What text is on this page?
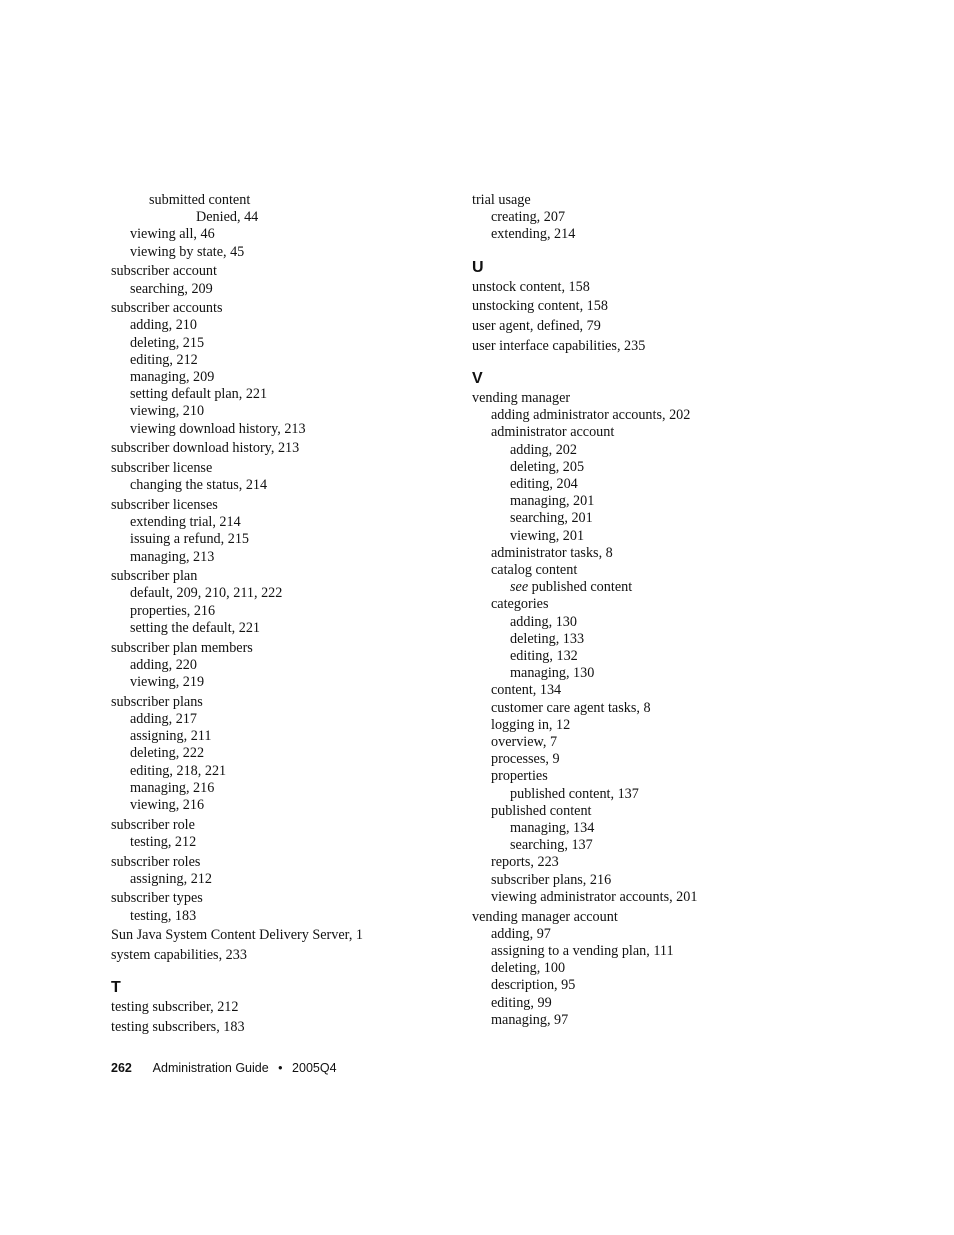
submitted content
Denied, 44
viewing all, 46
viewing by state, 45
subscriber account
searching, 209
subscriber accounts
adding, 210
deleting, 215
editing, 212
managing, 209
setting default plan, 221
viewing, 210
viewing download history, 213
subscriber download history, 213
subscriber license
changing the status, 214
subscriber licenses
extending trial, 214
issuing a refund, 215
managing, 213
subscriber plan
default, 209, 210, 211, 222
properties, 216
setting the default, 221
subscriber plan members
adding, 220
viewing, 219
subscriber plans
adding, 217
assigning, 211
deleting, 222
editing, 218, 221
managing, 216
viewing, 216
subscriber role
testing, 212
subscriber roles
assigning, 212
subscriber types
testing, 183
Sun Java System Content Delivery Server, 1
system capabilities, 233
T
testing subscriber, 212
testing subscribers, 183
trial usage
creating, 207
extending, 214
U
unstock content, 158
unstocking content, 158
user agent, defined, 79
user interface capabilities, 235
V
vending manager
adding administrator accounts, 202
administrator account
adding, 202
deleting, 205
editing, 204
managing, 201
searching, 201
viewing, 201
administrator tasks, 8
catalog content
see published content
categories
adding, 130
deleting, 133
editing, 132
managing, 130
content, 134
customer care agent tasks, 8
logging in, 12
overview, 7
processes, 9
properties
published content, 137
published content
managing, 134
searching, 137
reports, 223
subscriber plans, 216
viewing administrator accounts, 201
vending manager account
adding, 97
assigning to a vending plan, 111
deleting, 100
description, 95
editing, 99
managing, 97
262 Administration Guide • 2005Q4
